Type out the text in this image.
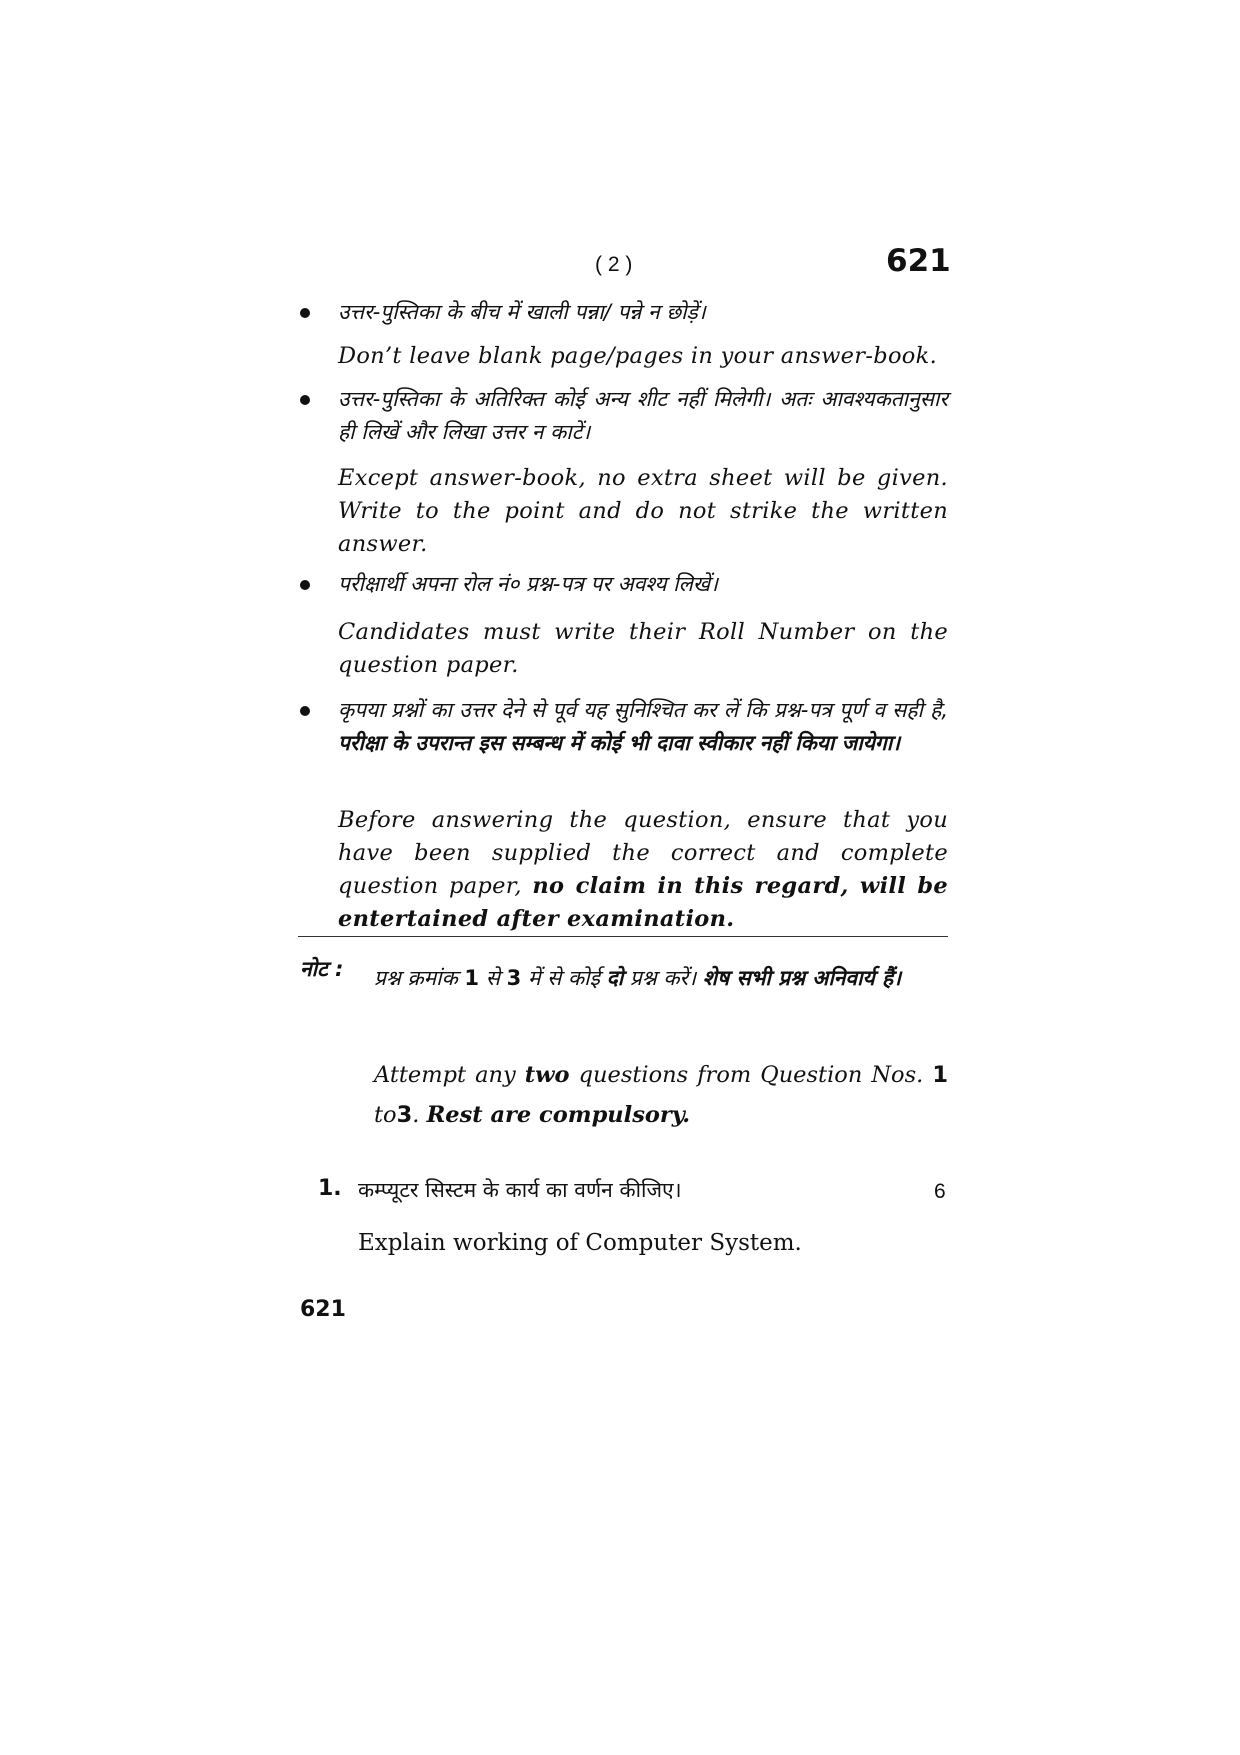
( 2 )	621
उत्तर-पुस्तिका के बीच में खाली पन्ना/ पन्ने न छोड़ें।
Don’t leave blank page/pages in your answer-book.
उत्तर-पुस्तिका के अतिरिक्त कोई अन्य शीट नहीं मिलेगी। अतः आवश्यकतानुसार ही लिखें और लिखा उत्तर न काटें।
Except answer-book, no extra sheet will be given. Write to the point and do not strike the written answer.
परीक्षार्थी अपना रोल नं० प्रश्न-पत्र पर अवश्य लिखें।
Candidates must write their Roll Number on the question paper.
कृपया प्रश्नों का उत्तर देने से पूर्व यह सुनिश्चित कर लें कि प्रश्न-पत्र पूर्ण व सही है, परीक्षा के उपरान्त इस सम्बन्ध में कोई भी दावा स्वीकार नहीं किया जायेगा।
Before answering the question, ensure that you have been supplied the correct and complete question paper, no claim in this regard, will be entertained after examination.
नोट : प्रश्न क्रमांक 1 से 3 में से कोई दो प्रश्न करें। शेष सभी प्रश्न अनिवार्य हैं।
Attempt any two questions from Question Nos. 1 to3. Rest are compulsory.
1. कम्प्यूटर सिस्टम के कार्य का वर्णन कीजिए।	6
Explain working of Computer System.
621
